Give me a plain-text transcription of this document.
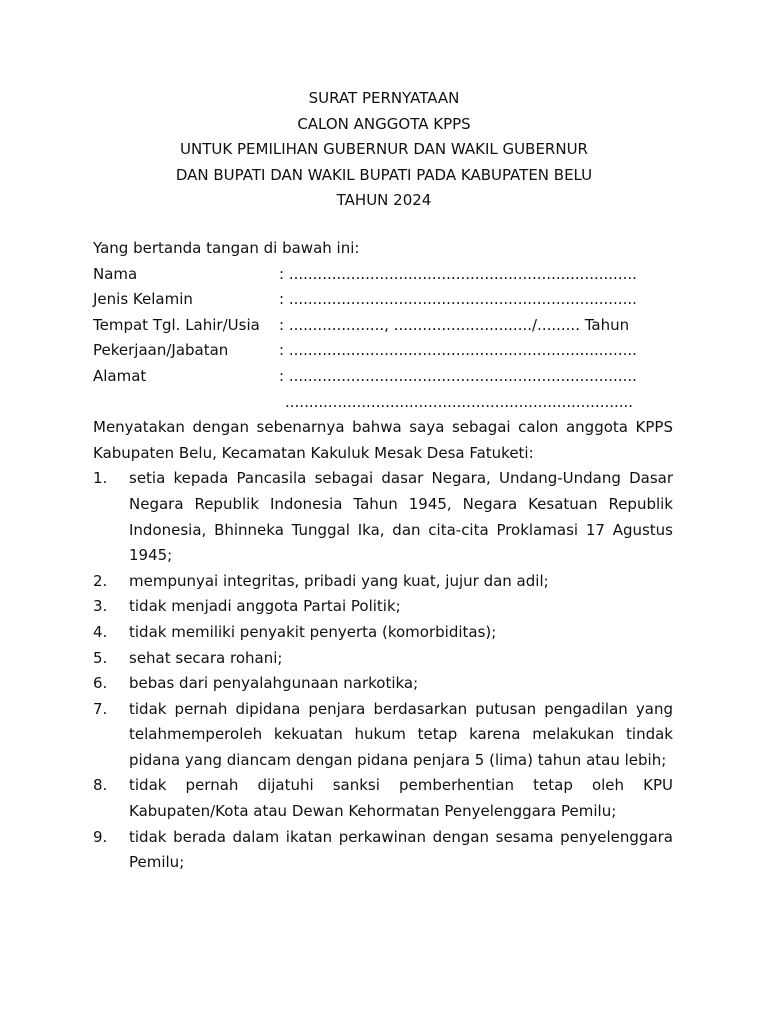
SURAT PERNYATAAN
CALON ANGGOTA KPPS
UNTUK PEMILIHAN GUBERNUR DAN WAKIL GUBERNUR
DAN BUPATI DAN WAKIL BUPATI PADA KABUPATEN BELU
TAHUN 2024
Yang bertanda tangan di bawah ini:
Nama	: .........................................................................
Jenis Kelamin	: .........................................................................
Tempat Tgl. Lahir/Usia : ...................., ............................./......... Tahun
Pekerjaan/Jabatan	: .........................................................................
Alamat	: .........................................................................
.........................................................................
Menyatakan dengan sebenarnya bahwa saya sebagai calon anggota KPPS Kabupaten Belu, Kecamatan Kakuluk Mesak Desa Fatuketi:
1. setia kepada Pancasila sebagai dasar Negara, Undang-Undang Dasar Negara Republik Indonesia Tahun 1945, Negara Kesatuan Republik Indonesia, Bhinneka Tunggal Ika, dan cita-cita Proklamasi 17 Agustus 1945;
2. mempunyai integritas, pribadi yang kuat, jujur dan adil;
3. tidak menjadi anggota Partai Politik;
4. tidak memiliki penyakit penyerta (komorbiditas);
5. sehat secara rohani;
6. bebas dari penyalahgunaan narkotika;
7. tidak pernah dipidana penjara berdasarkan putusan pengadilan yang telahmemperoleh kekuatan hukum tetap karena melakukan tindak pidana yang diancam dengan pidana penjara 5 (lima) tahun atau lebih;
8. tidak pernah dijatuhi sanksi pemberhentian tetap oleh KPU Kabupaten/Kota atau Dewan Kehormatan Penyelenggara Pemilu;
9. tidak berada dalam ikatan perkawinan dengan sesama penyelenggara Pemilu;
